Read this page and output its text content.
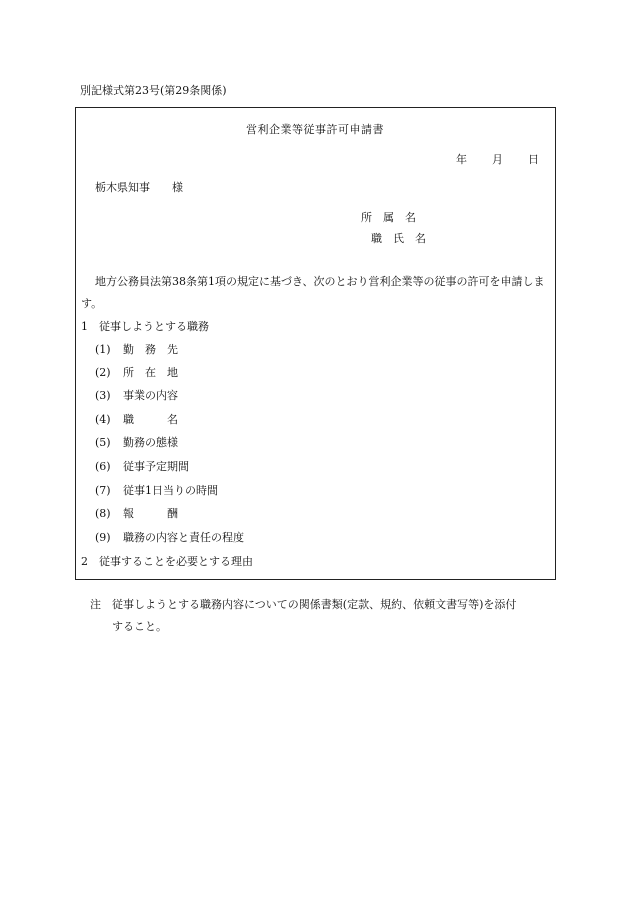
別記様式第23号(第29条関係)
営利企業等従事許可申請書
年 月 日
栃木県知事　　様
所　属　名
職　氏　名
地方公務員法第38条第1項の規定に基づき、次のとおり営利企業等の従事の許可を申請します。
1　従事しようとする職務
(1) 勤　務　先
(2) 所　在　地
(3) 事業の内容
(4) 職　　　名
(5) 勤務の態様
(6) 従事予定期間
(7) 従事1日当りの時間
(8) 報　　　酬
(9) 職務の内容と責任の程度
2　従事することを必要とする理由
注 従事しようとする職務内容についての関係書類(定款、規約、依頼文書写等)を添付
すること。
